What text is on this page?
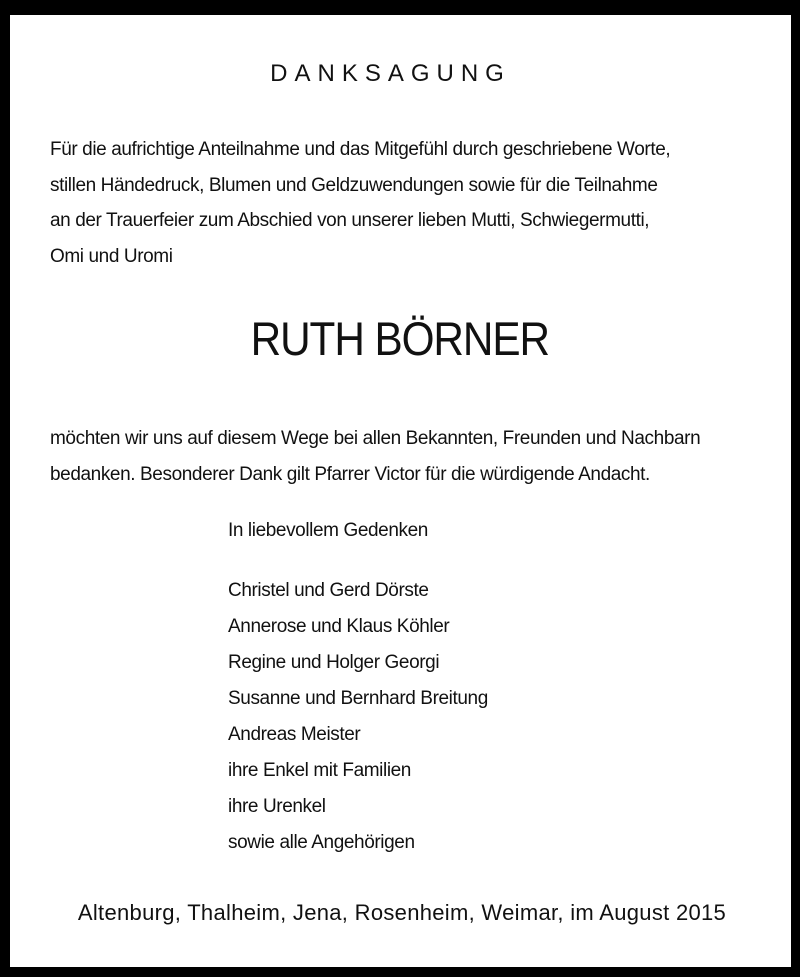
DANKSAGUNG
Für die aufrichtige Anteilnahme und das Mitgefühl durch geschriebene Worte,
stillen Händedruck, Blumen und Geldzuwendungen sowie für die Teilnahme
an der Trauerfeier zum Abschied von unserer lieben Mutti, Schwiegermutti,
Omi und Uromi
RUTH BÖRNER
möchten wir uns auf diesem Wege bei allen Bekannten, Freunden und Nachbarn
bedanken. Besonderer Dank gilt Pfarrer Victor für die würdigende Andacht.
In liebevollem Gedenken
Christel und Gerd Dörste
Annerose und Klaus Köhler
Regine und Holger Georgi
Susanne und Bernhard Breitung
Andreas Meister
ihre Enkel mit Familien
ihre Urenkel
sowie alle Angehörigen
Altenburg, Thalheim, Jena, Rosenheim, Weimar, im August 2015
